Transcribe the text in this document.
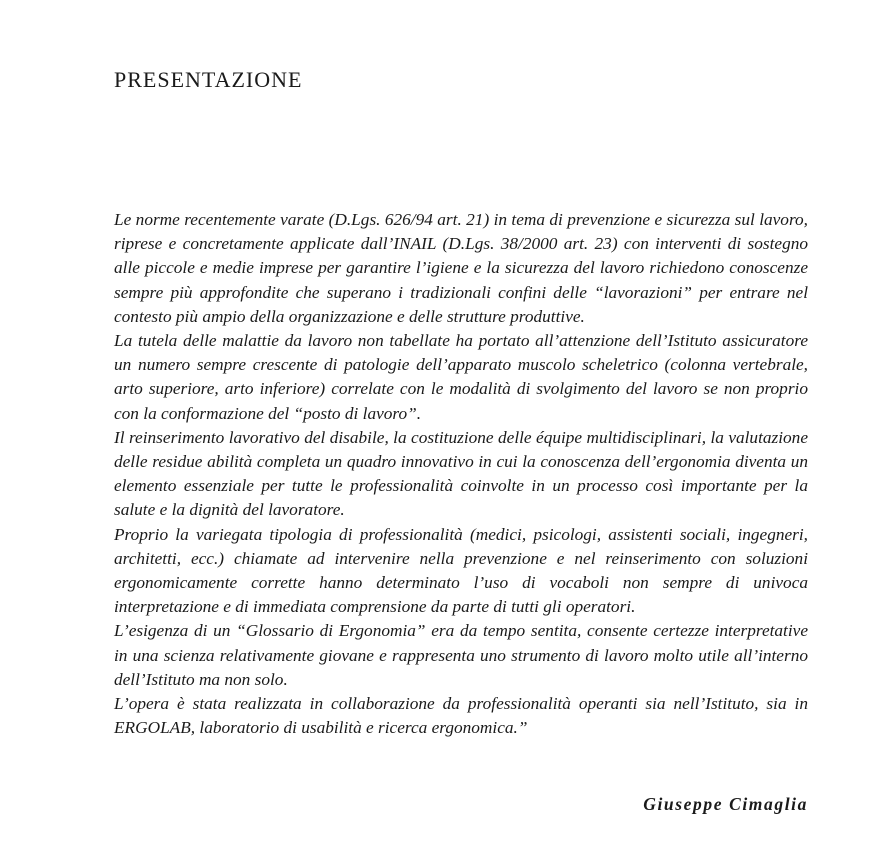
PRESENTAZIONE

Le norme recentemente varate (D.Lgs. 626/94 art. 21) in tema di prevenzione e sicurezza sul lavoro, riprese e concretamente applicate dall’INAIL (D.Lgs. 38/2000 art. 23) con interventi di sostegno alle piccole e medie imprese per garantire l’igiene e la sicurezza del lavoro richiedono conoscenze sempre più approfondite che superano i tradizionali confini delle “lavorazioni” per entrare nel contesto più ampio della organizzazione e delle strutture produttive.

La tutela delle malattie da lavoro non tabellate ha portato all’attenzione dell’Istituto assicuratore un numero sempre crescente di patologie dell’apparato muscolo scheletrico (colonna vertebrale, arto superiore, arto inferiore) correlate con le modalità di svolgimento del lavoro se non proprio con la conformazione del “posto di lavoro”.

Il reinserimento lavorativo del disabile, la costituzione delle équipe multidisciplinari, la valutazione delle residue abilità completa un quadro innovativo in cui la conoscenza dell’ergonomia diventa un elemento essenziale per tutte le professionalità coinvolte in un processo così importante per la salute e la dignità del lavoratore.

Proprio la variegata tipologia di professionalità (medici, psicologi, assistenti sociali, ingegneri, architetti, ecc.) chiamate ad intervenire nella prevenzione e nel reinserimento con soluzioni ergonomicamente corrette hanno determinato l’uso di vocaboli non sempre di univoca interpretazione e di immediata comprensione da parte di tutti gli operatori.

L’esigenza di un “Glossario di Ergonomia” era da tempo sentita, consente certezze interpretative in una scienza relativamente giovane e rappresenta uno strumento di lavoro molto utile all’interno dell’Istituto ma non solo.

L’opera è stata realizzata in collaborazione da professionalità operanti sia nell’Istituto, sia in ERGOLAB, laboratorio di usabilità e ricerca ergonomica.”

Giuseppe Cimaglia
